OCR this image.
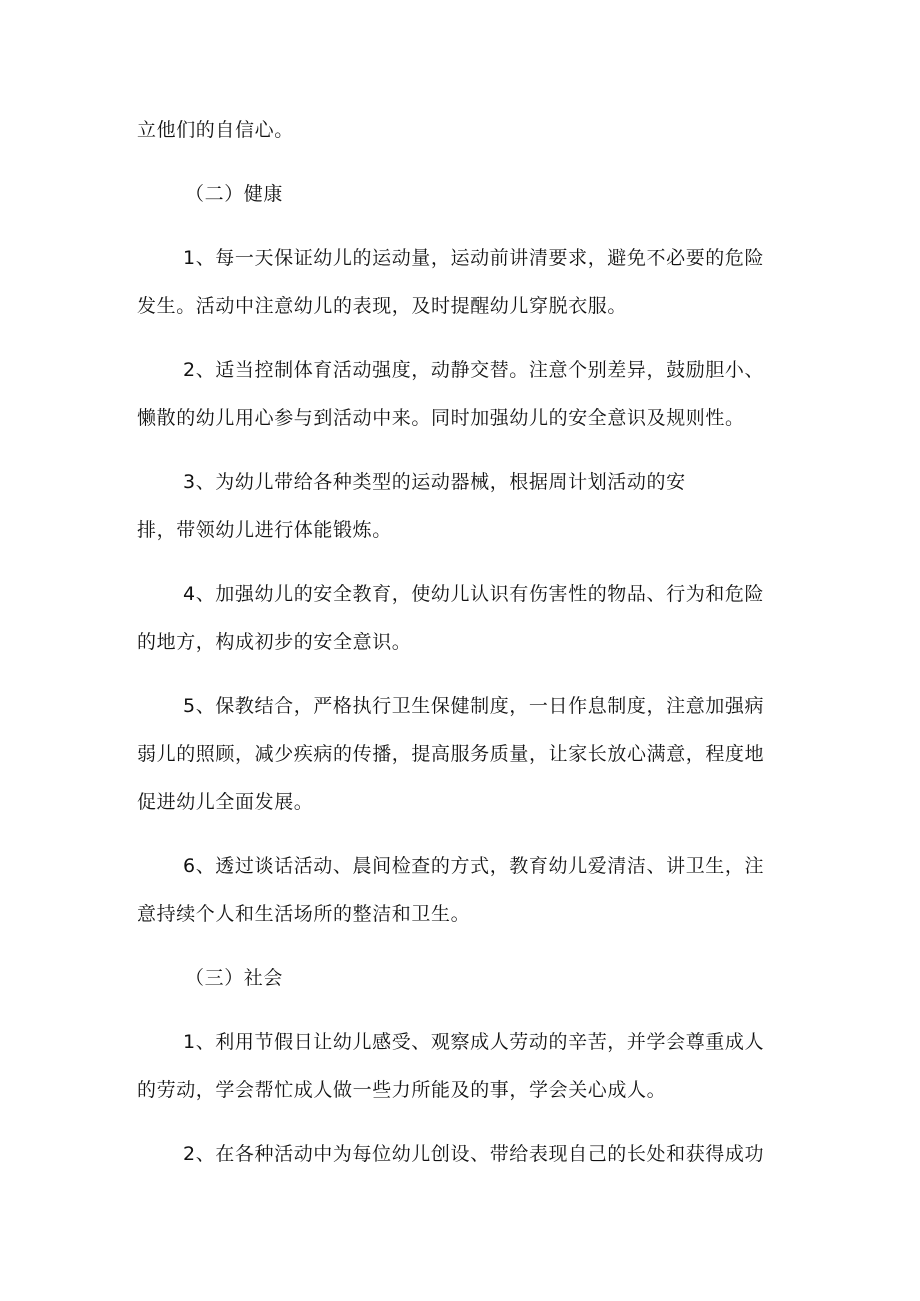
立他们的自信心。
（二）健康
1、每一天保证幼儿的运动量，运动前讲清要求，避免不必要的危险
发生。活动中注意幼儿的表现，及时提醒幼儿穿脱衣服。
2、适当控制体育活动强度，动静交替。注意个别差异，鼓励胆小、
懒散的幼儿用心参与到活动中来。同时加强幼儿的安全意识及规则性。
3、为幼儿带给各种类型的运动器械，根据周计划活动的安
排，带领幼儿进行体能锻炼。
4、加强幼儿的安全教育，使幼儿认识有伤害性的物品、行为和危险
的地方，构成初步的安全意识。
5、保教结合，严格执行卫生保健制度，一日作息制度，注意加强病
弱儿的照顾，减少疾病的传播，提高服务质量，让家长放心满意，程度地
促进幼儿全面发展。
6、透过谈话活动、晨间检查的方式，教育幼儿爱清洁、讲卫生，注
意持续个人和生活场所的整洁和卫生。
（三）社会
1、利用节假日让幼儿感受、观察成人劳动的辛苦，并学会尊重成人
的劳动，学会帮忙成人做一些力所能及的事，学会关心成人。
2、在各种活动中为每位幼儿创设、带给表现自己的长处和获得成功
